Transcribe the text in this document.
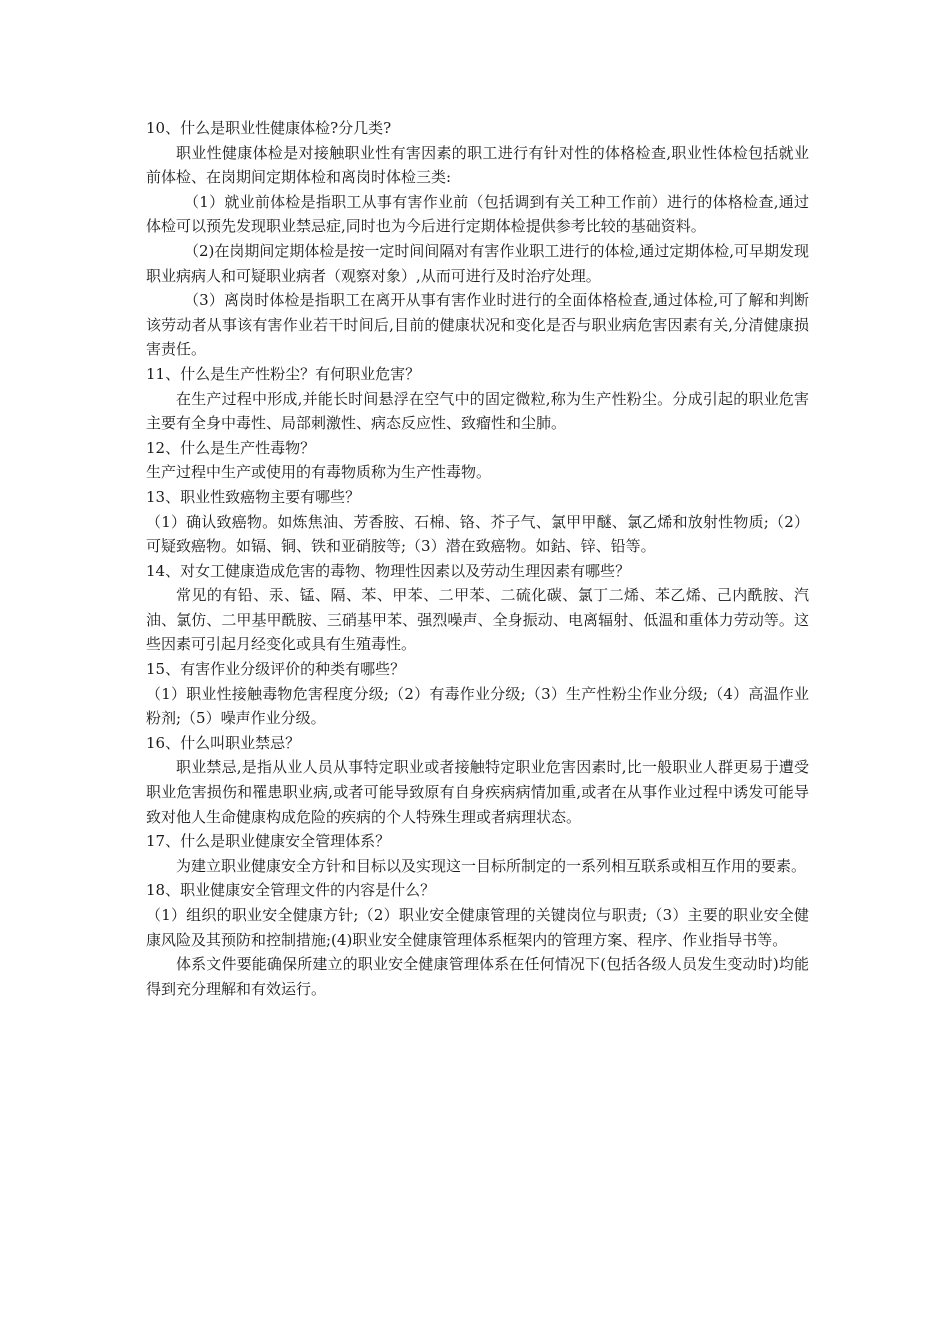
10、什么是职业性健康体检?分几类?

职业性健康体检是对接触职业性有害因素的职工进行有针对性的体格检查,职业性体检包括就业前体检、在岗期间定期体检和离岗时体检三类:

（1）就业前体检是指职工从事有害作业前（包括调到有关工种工作前）进行的体格检查,通过体检可以预先发现职业禁忌症,同时也为今后进行定期体检提供参考比较的基础资料。

（2)在岗期间定期体检是按一定时间间隔对有害作业职工进行的体检,通过定期体检,可早期发现职业病病人和可疑职业病者（观察对象）,从而可进行及时治疗处理。

（3）离岗时体检是指职工在离开从事有害作业时进行的全面体格检查,通过体检,可了解和判断该劳动者从事该有害作业若干时间后,目前的健康状况和变化是否与职业病危害因素有关,分清健康损害责任。

11、什么是生产性粉尘？有何职业危害？

在生产过程中形成,并能长时间悬浮在空气中的固定微粒,称为生产性粉尘。分成引起的职业危害主要有全身中毒性、局部刺激性、病态反应性、致瘤性和尘肺。

12、什么是生产性毒物？

生产过程中生产或使用的有毒物质称为生产性毒物。

13、职业性致癌物主要有哪些？

（1）确认致癌物。如炼焦油、芳香胺、石棉、铬、芥子气、氯甲甲醚、氯乙烯和放射性物质;（2）可疑致癌物。如镉、铜、铁和亚硝胺等;（3）潜在致癌物。如鈷、锌、铅等。

14、对女工健康造成危害的毒物、物理性因素以及劳动生理因素有哪些？

常见的有铅、汞、锰、隔、苯、甲苯、二甲苯、二硫化碳、氯丁二烯、苯乙烯、己内酰胺、汽油、氯仿、二甲基甲酰胺、三硝基甲苯、强烈噪声、全身振动、电离辐射、低温和重体力劳动等。这些因素可引起月经变化或具有生殖毒性。

15、有害作业分级评价的种类有哪些？

（1）职业性接触毒物危害程度分级;（2）有毒作业分级;（3）生产性粉尘作业分级;（4）高温作业粉剂;（5）噪声作业分级。

16、什么叫职业禁忌？

职业禁忌,是指从业人员从事特定职业或者接触特定职业危害因素时,比一般职业人群更易于遭受职业危害损伤和罹患职业病,或者可能导致原有自身疾病病情加重,或者在从事作业过程中诱发可能导致对他人生命健康构成危险的疾病的个人特殊生理或者病理状态。

17、什么是职业健康安全管理体系？

为建立职业健康安全方针和目标以及实现这一目标所制定的一系列相互联系或相互作用的要素。

18、职业健康安全管理文件的内容是什么？

（1）组织的职业安全健康方针;（2）职业安全健康管理的关键岗位与职责;（3）主要的职业安全健康风险及其预防和控制措施;(4)职业安全健康管理体系框架内的管理方案、程序、作业指导书等。

体系文件要能确保所建立的职业安全健康管理体系在任何情况下(包括各级人员发生变动时)均能得到充分理解和有效运行。
